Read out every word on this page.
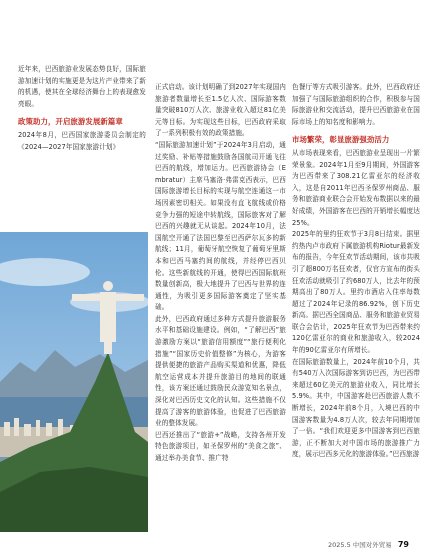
近年来，巴西旅游业发展态势良好，国际旅游加速计划的实施更是为这片产业带来了新的机遇，使其在全球经济舞台上的表现愈发亮眼。

政策助力，开启旅游发展新篇章

2024年8月，巴西国家旅游委员会制定的《2024—2027年国家旅游计划》

正式启动。该计划明确了到2027年实现国内旅游者数量增长至1.5亿人次、国际游客数量突破810万人次、旅游业收入超过81亿美元等目标。为实现这些目标，巴西政府采取了一系列积极有效的政策措施。

“国际旅游加速计划”于2024年3月启动，通过奖励、补贴等措施鼓励各国航司开通飞往巴西的航线，增加运力。巴西旅游协会（Embratur）主席马塞洛·弗雷克西表示，巴西国际旅游增长目标的实现与航空连通这一市场因素密切相关。如果没有直飞航线或价格竞争力强的短途中转航线，国际旅客对了解巴西的兴趣就无从谈起。2024年10月，法国航空开通了法国巴黎至巴西萨尔瓦多的新航线；11月，葡萄牙航空恢复了葡萄牙里斯本和巴西马塞约间的航线，并经停巴西贝伦。这些新航线的开通，使得巴西国际航班数量创新高，极大地提升了巴西与世界的连通性，为吸引更多国际游客奠定了坚实基础。

此外，巴西政府通过多种方式提升旅游服务水平和基础设施建设。例如，“了解巴西”旅游激励方案以“旅游信用额度”“旅行便利化措施”“国家历史价值整修”为核心，为游客提供便捷的旅游产品购买渠道和优惠，降低航空运营成本并提升旅游目的地间的联通性，该方案还通过鼓励民众游览知名景点，深化对巴西历史文化的认知。这些措施不仅提高了游客的旅游体验，也促进了巴西旅游业的整体发展。

巴西还推出了“旅游+”战略，支持各州开发特色旅游项目，如圣保罗州的“美食之旅”、通过举办美食节、推广特

色餐厅等方式吸引游客。此外，巴西政府还加强了与国际旅游组织的合作，积极参与国际旅游业和交流活动，提升巴西旅游业在国际市场上的知名度和影响力。

市场繁荣，彰显旅游强劲活力

从市场表现来看，巴西旅游业呈现出一片繁荣景象。2024年1月至9月期间，外国游客为巴西带来了308.21亿雷亚尔的经济收入，这是自2011年巴西圣保罗州商品、服务和旅游商业联合会开始发布数据以来的最好成绩，外国游客在巴西的开销增长幅度达25%。

2025年的里约狂欢节于3月8日结束。据里约热内卢市政府下属旅游机构Riotur最新发布的报告，今年狂欢节活动期间，该市共吸引了超800万名狂欢者，仅官方宣布的街头狂欢活动就吸引了约680万人，比去年的预期高出了80万人。里约市酒店入住率每数超过了2024年记录的86.92%，创下历史新高。据巴西全国商品、服务和旅游业贸易联合会估计，2025年狂欢节为巴西带来约120亿雷亚尔的商业和旅游收入，较2024年的90亿雷亚尔有所增长。

在国际旅游数量上，2024年前10个月，共有540万入次国际游客到访巴西，为巴西带来超过60亿美元的旅游业收入，同比增长5.9%。其中，中国游客赴巴西旅游人数不断增长，2024年前8个月，入境巴西的中国游客数量为4.8万人次，较去年同期增加了一倍。“我们欢迎更多中国游客到巴西旅游，正不断加大对中国市场的旅游推广力度，展示巴西多元化的旅游体验。”巴西旅游

2025.5 中国对外贸易 79
